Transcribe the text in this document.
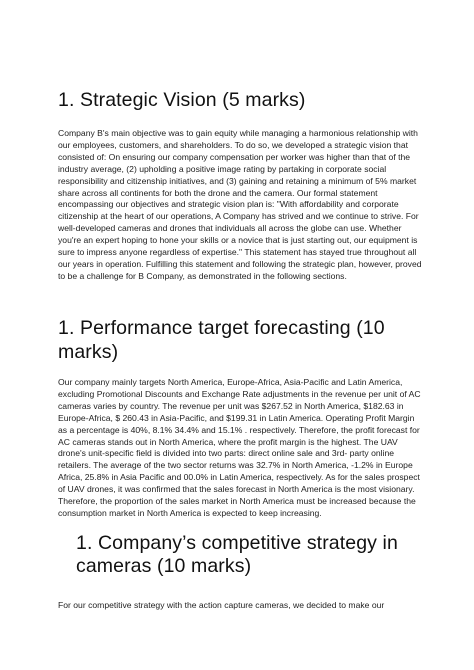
1. Strategic Vision (5 marks)

Company B's main objective was to gain equity while managing a harmonious relationship with our employees, customers, and shareholders. To do so, we developed a strategic vision that consisted of: On ensuring our company compensation per worker was higher than that of the industry average, (2) upholding a positive image rating by partaking in corporate social responsibility and citizenship initiatives, and (3) gaining and retaining a minimum of 5% market share across all continents for both the drone and the camera. Our formal statement encompassing our objectives and strategic vision plan is: "With affordability and corporate citizenship at the heart of our operations, A Company has strived and we continue to strive. For well-developed cameras and drones that individuals all across the globe can use. Whether you're an expert hoping to hone your skills or a novice that is just starting out, our equipment is sure to impress anyone regardless of expertise." This statement has stayed true throughout all our years in operation. Fulfilling this statement and following the strategic plan, however, proved to be a challenge for B Company, as demonstrated in the following sections.

1. Performance target forecasting (10 marks)

Our company mainly targets North America, Europe-Africa, Asia-Pacific and Latin America, excluding Promotional Discounts and Exchange Rate adjustments in the revenue per unit of AC cameras varies by country. The revenue per unit was $267.52 in North America, $182.63 in Europe-Africa, $ 260.43 in Asia-Pacific, and $199.31 in Latin America. Operating Profit Margin as a percentage is 40%, 8.1% 34.4% and 15.1% . respectively. Therefore, the profit forecast for AC cameras stands out in North America, where the profit margin is the highest. The UAV drone's unit-specific field is divided into two parts: direct online sale and 3rd- party online retailers. The average of the two sector returns was 32.7% in North America, -1.2% in Europe Africa, 25.8% in Asia Pacific and 00.0% in Latin America, respectively. As for the sales prospect of UAV drones, it was confirmed that the sales forecast in North America is the most visionary. Therefore, the proportion of the sales market in North America must be increased because the consumption market in North America is expected to keep increasing.

1. Company’s competitive strategy in cameras (10 marks)

For our competitive strategy with the action capture cameras, we decided to make our
